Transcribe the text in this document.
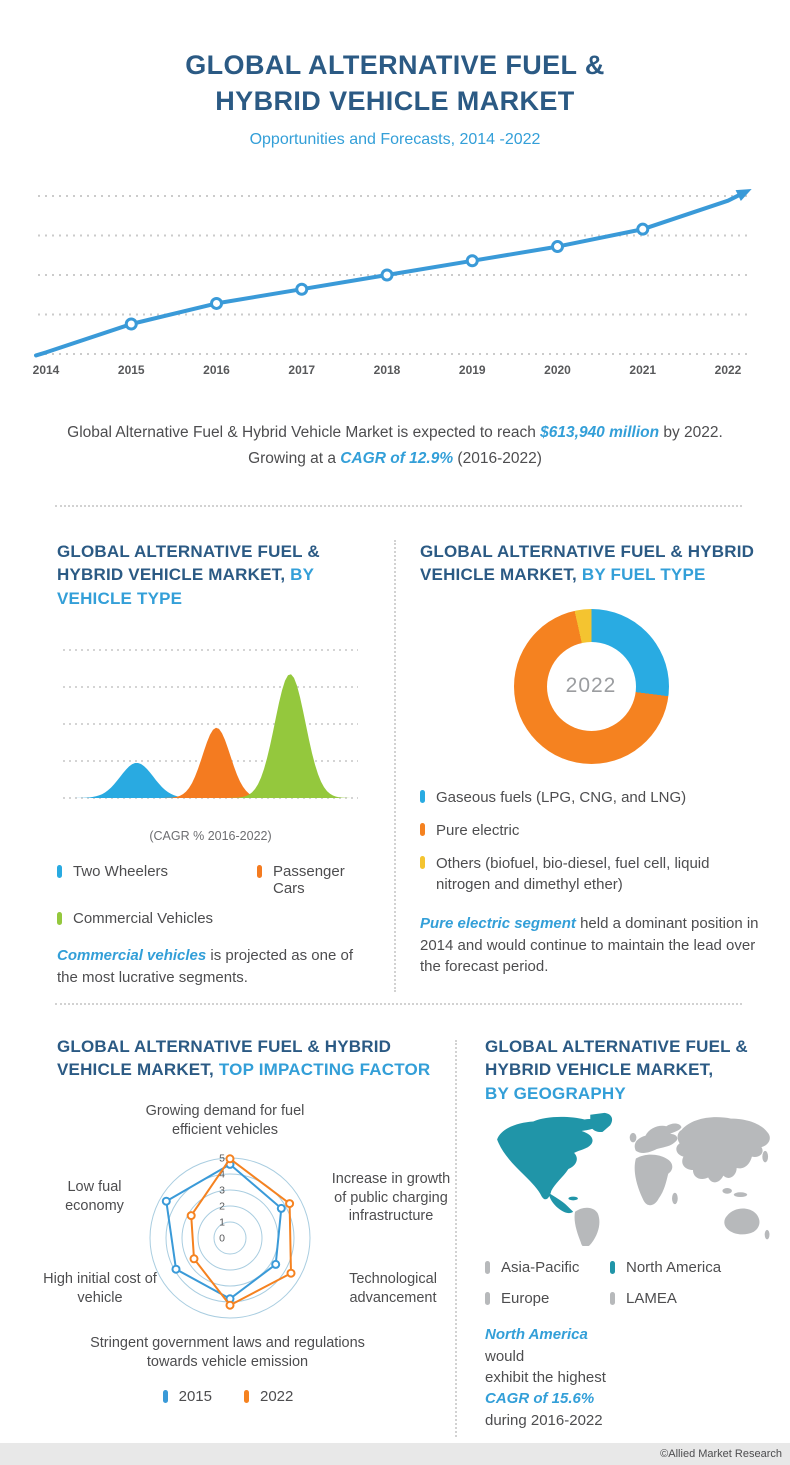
GLOBAL ALTERNATIVE FUEL &
HYBRID VEHICLE MARKET
Opportunities and Forecasts, 2014 -2022
2014	2015	2016	2017	2018	2019	2020	2021	2022
Global Alternative Fuel & Hybrid Vehicle Market is expected to reach $613,940 million by 2022.
Growing at a CAGR of 12.9% (2016-2022)
GLOBAL ALTERNATIVE FUEL & HYBRID VEHICLE MARKET, BY VEHICLE TYPE
(CAGR % 2016-2022)
Two Wheelers	Passenger Cars
Commercial Vehicles
Commercial vehicles is projected as one of the most lucrative segments.
GLOBAL ALTERNATIVE FUEL & HYBRID VEHICLE MARKET, BY FUEL TYPE
2022
Gaseous fuels (LPG, CNG, and LNG)
Pure electric
Others (biofuel, bio-diesel, fuel cell, liquid nitrogen and dimethyl ether)
Pure electric segment held a dominant position in 2014 and would continue to maintain the lead over the forecast period.
GLOBAL ALTERNATIVE FUEL & HYBRID VEHICLE MARKET, TOP IMPACTING FACTOR
Growing demand for fuel efficient vehicles
Increase in growth of public charging infrastructure
Low fual economy
High initial cost of vehicle
Technological advancement
Stringent government laws and regulations towards vehicle emission
0
1
2
3
4
5
2015	2022
GLOBAL ALTERNATIVE FUEL &
HYBRID VEHICLE MARKET,
BY GEOGRAPHY
Asia-Pacific	North America
Europe	LAMEA
North America
would
exhibit the highest
CAGR of 15.6%
during 2016-2022
©Allied Market Research
